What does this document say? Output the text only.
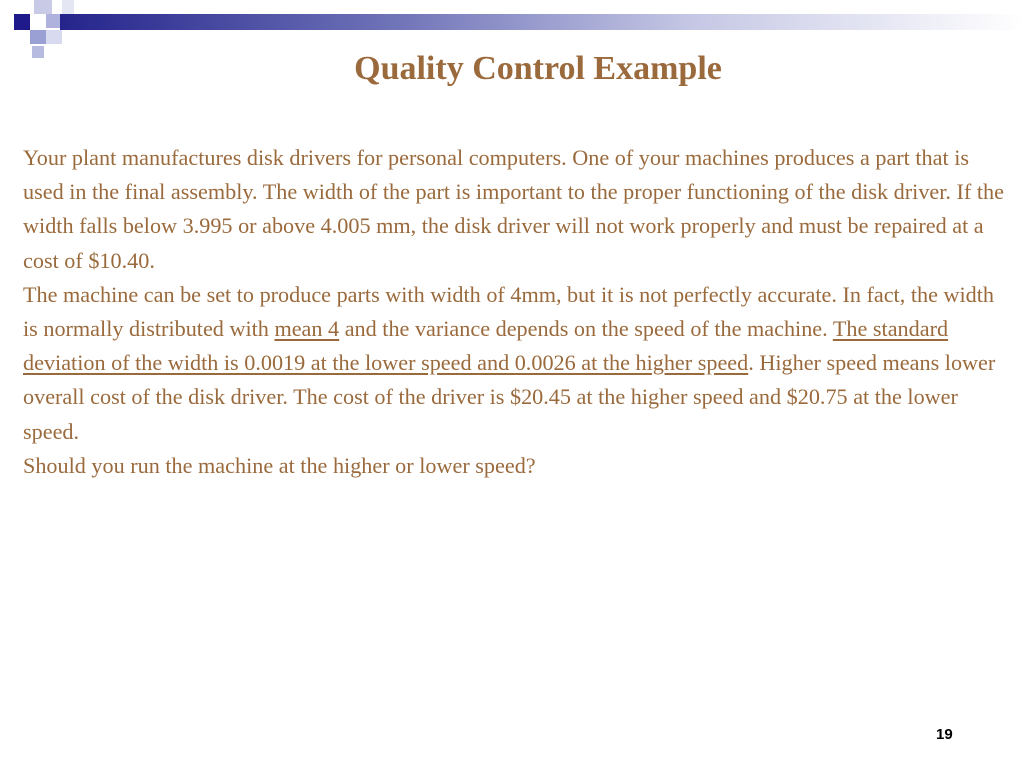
Quality Control Example

Your plant manufactures disk drivers for personal computers. One of your machines produces a part that is used in the final assembly. The width of the part is important to the proper functioning of the disk driver. If the width falls below 3.995 or above 4.005 mm, the disk driver will not work properly and must be repaired at a cost of $10.40.

The machine can be set to produce parts with width of 4mm, but it is not perfectly accurate. In fact, the width is normally distributed with mean 4 and the variance depends on the speed of the machine. The standard deviation of the width is 0.0019 at the lower speed and 0.0026 at the higher speed. Higher speed means lower overall cost of the disk driver. The cost of the driver is $20.45 at the higher speed and $20.75 at the lower speed.

Should you run the machine at the higher or lower speed?

19
